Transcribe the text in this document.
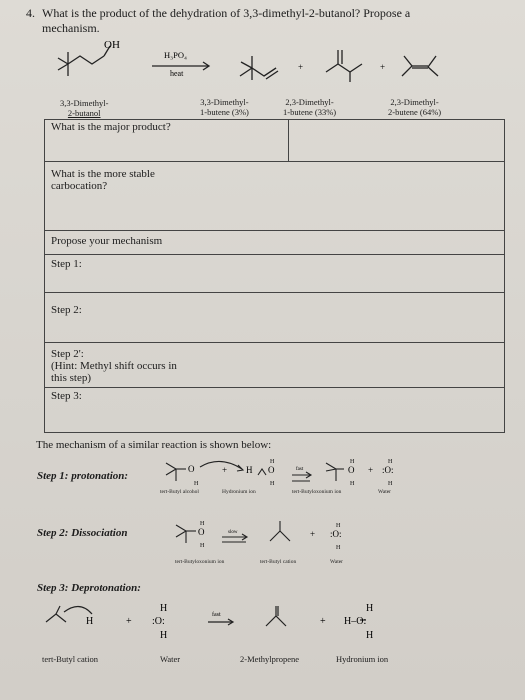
4. What is the product of the dehydration of 3,3-dimethyl-2-butanol? Propose a
mechanism.
OH
H₃PO₄
heat
+	+
3,3-Dimethyl-
2-butanol
3,3-Dimethyl-
1-butene (3%)
2,3-Dimethyl-
1-butene (33%)
2,3-Dimethyl-
2-butene (64%)
What is the major product?
What is the more stable
carbocation?
Propose your mechanism
Step 1:
Step 2:
Step 2':
(Hint: Methyl shift occurs in
this step)
Step 3:
The mechanism of a similar reaction is shown below:
Step 1: protonation:
O
H
+ H O
H
H
fast	O
H
H
+ :O:
H
H
tert-Butyl alcohol	Hydronium ion	tert-Butyloxonium ion	Water
Step 2: Dissociation	O
H
H
slow	+ :O:
H
H
tert-Butyloxonium ion	tert-Butyl cation	Water
Step 3: Deprotonation:
H	+ :O:
H
H
fast
+ H–O:
H
H
tert-Butyl cation	Water	2-Methylpropene	Hydronium ion
